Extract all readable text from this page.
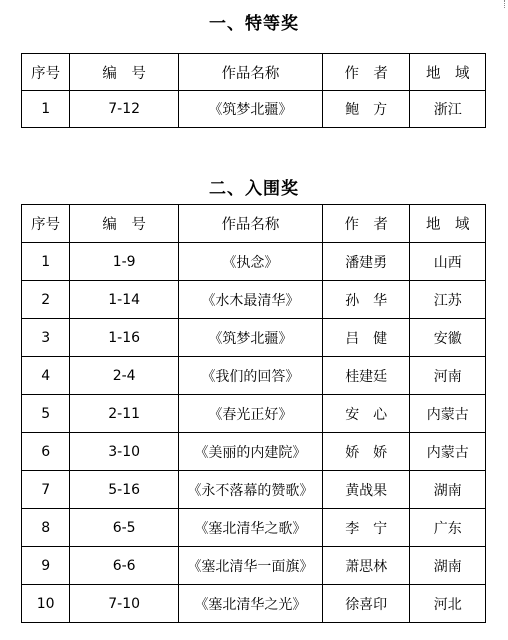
一、特等奖
序号	编　号	作品名称	作　者	地　域
1	7-12	《筑梦北疆》	鲍　方	浙江
二、入围奖
序号	编　号	作品名称	作　者	地　域
1	1-9	《执念》	潘建勇	山西
2	1-14	《水木最清华》	孙　华	江苏
3	1-16	《筑梦北疆》	吕　健	安徽
4	2-4	《我们的回答》	桂建廷	河南
5	2-11	《春光正好》	安　心	内蒙古
6	3-10	《美丽的内建院》	娇　娇	内蒙古
7	5-16	《永不落幕的赞歌》	黄战果	湖南
8	6-5	《塞北清华之歌》	李　宁	广东
9	6-6	《塞北清华一面旗》	萧思林	湖南
10	7-10	《塞北清华之光》	徐喜印	河北
